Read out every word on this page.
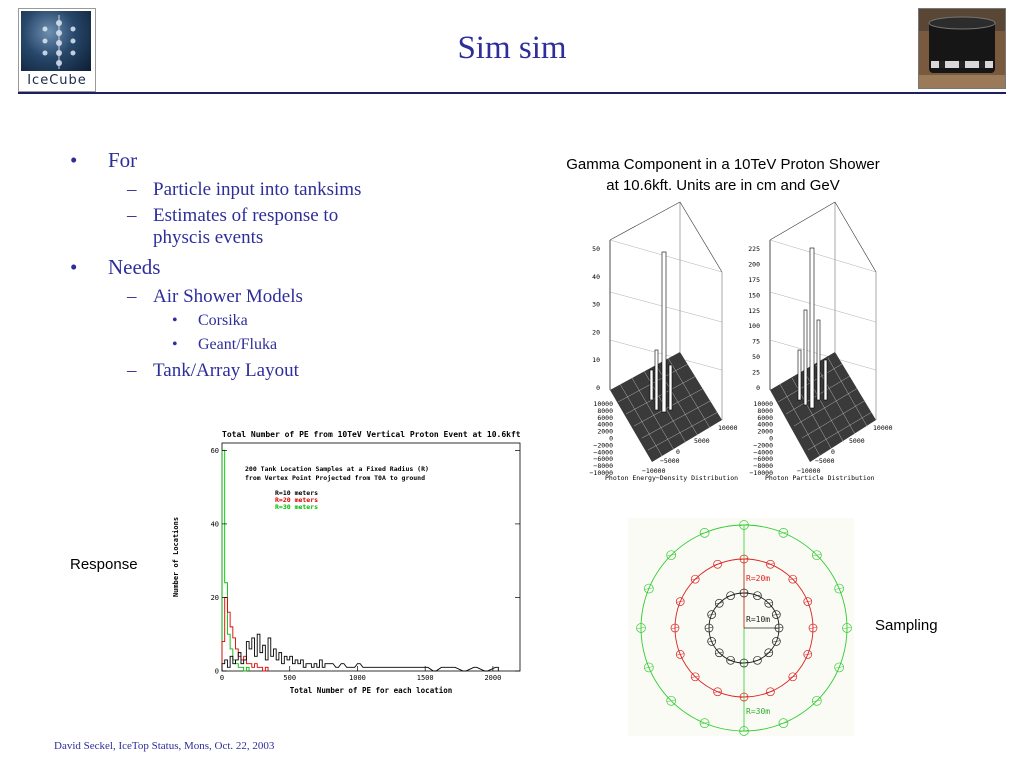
IceCube
Sim sim
• For
– Particle input into tanksims
– Estimates of response to
physcis events
• Needs
– Air Shower Models
• Corsika
• Geant/Fluka
– Tank/Array Layout
Gamma Component in a 10TeV Proton Shower
at 10.6kft. Units are in cm and GeV
Photon Energy−Density Distribution	Photon Particle Distribution
50
40
30
20
10
0
225
200
175
150
125
100
75
50
25
0
10000
8000
6000
4000
2000
0
−2000
−4000
−6000
−8000
−10000
10000
8000
6000
4000
2000
0
−2000
−4000
−6000
−8000
−10000
10000	10000
5000	5000
0	0
−5000	−5000
−10000	−10000
Total Number of PE from 10TeV Vertical Proton Event at 10.6kft
200 Tank Location Samples at a Fixed Radius (R)
from Vertex Point Projected from T0A to ground
R=10 meters
R=20 meters
R=30 meters
0	500	1000	1500	2000
0
20
40
60
Total Number of PE for each location
Number of Locations	R=20m
R=10m
R=30m
Response
Sampling
David Seckel, IceTop Status, Mons, Oct. 22, 2003
